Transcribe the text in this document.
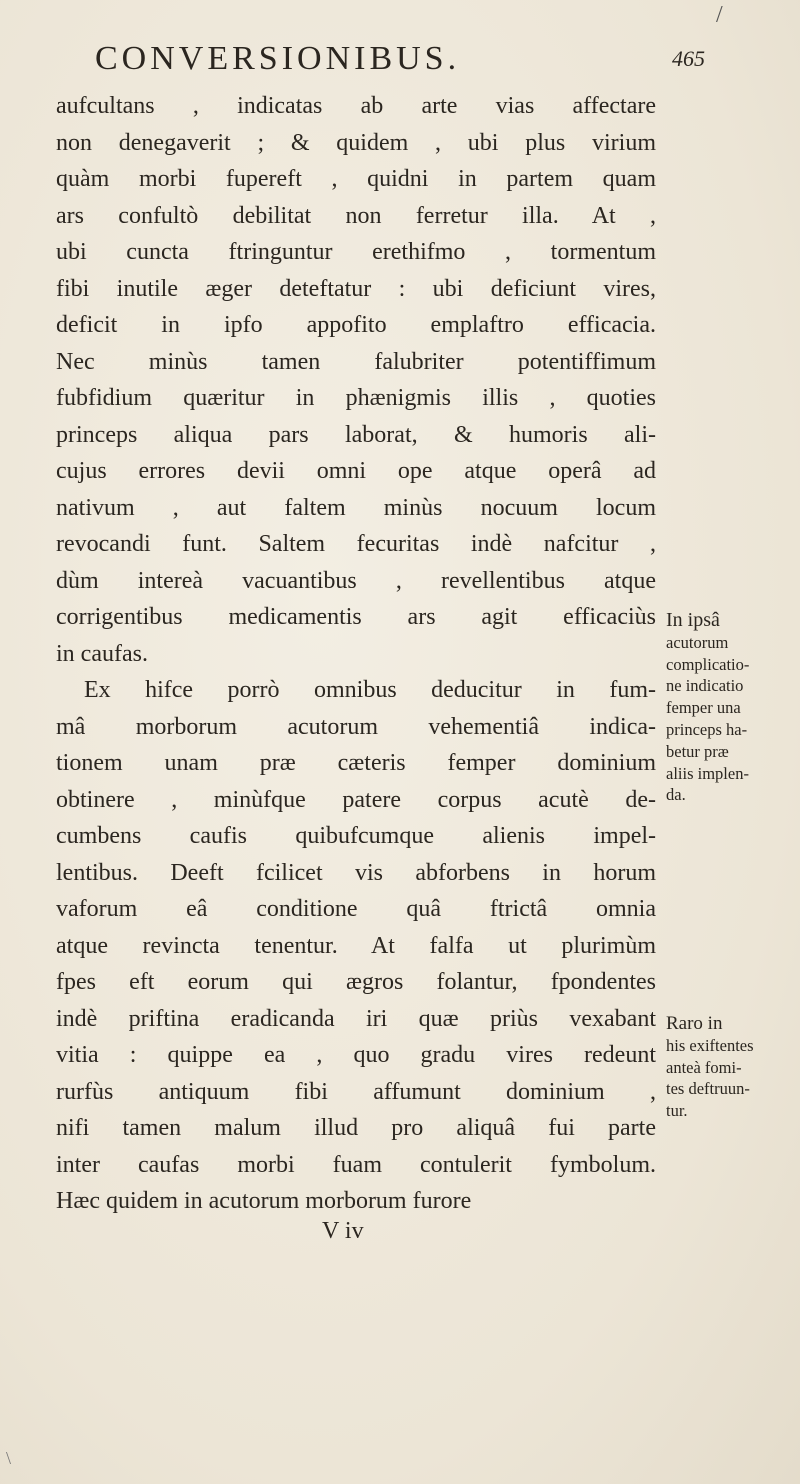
CONVERSIONIBUS.	465
/
aufcultans , indicatas ab arte vias affectare
non denegaverit ; & quidem , ubi plus virium
quàm morbi fupereft , quidni in partem quam
ars confultò debilitat non ferretur illa. At ,
ubi cuncta ftringuntur erethifmo , tormentum
fibi inutile æger deteftatur : ubi deficiunt vires,
deficit in ipfo appofito emplaftro efficacia.
Nec minùs tamen falubriter potentiffimum
fubfidium quæritur in phænigmis illis , quoties
princeps aliqua pars laborat, & humoris ali-
cujus errores devii omni ope atque operâ ad
nativum , aut faltem minùs nocuum locum
revocandi funt. Saltem fecuritas indè nafcitur ,
dùm intereà vacuantibus , revellentibus atque
corrigentibus medicamentis ars agit efficaciùs
in caufas.
Ex hifce porrò omnibus deducitur in fum-
mâ morborum acutorum vehementiâ indica-
tionem unam præ cæteris femper dominium
obtinere , minùfque patere corpus acutè de-
cumbens caufis quibufcumque alienis impel-
lentibus. Deeft fcilicet vis abforbens in horum
vaforum eâ conditione quâ ftrictâ omnia
atque revincta tenentur. At falfa ut plurimùm
fpes eft eorum qui ægros folantur, fpondentes
indè priftina eradicanda iri quæ priùs vexabant
vitia : quippe ea , quo gradu vires redeunt
rurfùs antiquum fibi affumunt dominium ,
nifi tamen malum illud pro aliquâ fui parte
inter caufas morbi fuam contulerit fymbolum.
Hæc quidem in acutorum morborum furore
V iv
In ipsâ
acutorum
complicatio-
ne indicatio
femper una
princeps ha-
betur præ
aliis implen-
da.
Raro in
his exiftentes
anteà fomi-
tes deftruun-
tur.
\
